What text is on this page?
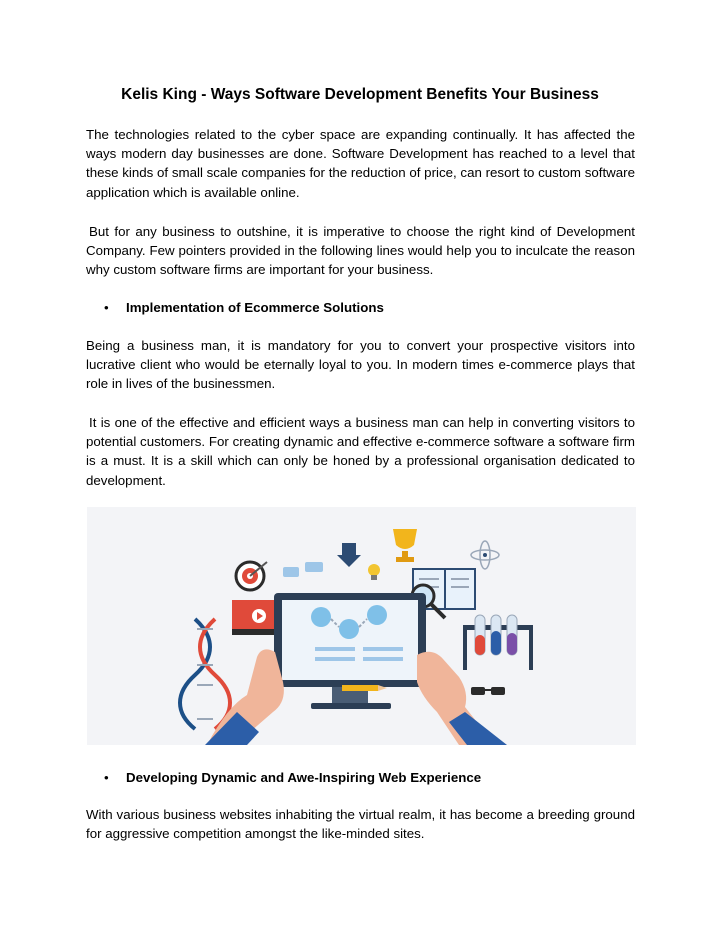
Kelis King - Ways Software Development Benefits Your Business
The technologies related to the cyber space are expanding continually. It has affected the ways modern day businesses are done. Software Development has reached to a level that these kinds of small scale companies for the reduction of price, can resort to custom software application which is available online.
But for any business to outshine, it is imperative to choose the right kind of Development Company. Few pointers provided in the following lines would help you to inculcate the reason why custom software firms are important for your business.
• Implementation of Ecommerce Solutions
Being a business man, it is mandatory for you to convert your prospective visitors into lucrative client who would be eternally loyal to you. In modern times e-commerce plays that role in lives of the businessmen.
It is one of the effective and efficient ways a business man can help in converting visitors to potential customers. For creating dynamic and effective e-commerce software a software firm is a must. It is a skill which can only be honed by a professional organisation dedicated to development.
• Developing Dynamic and Awe-Inspiring Web Experience
With various business websites inhabiting the virtual realm, it has become a breeding ground for aggressive competition amongst the like-minded sites.
